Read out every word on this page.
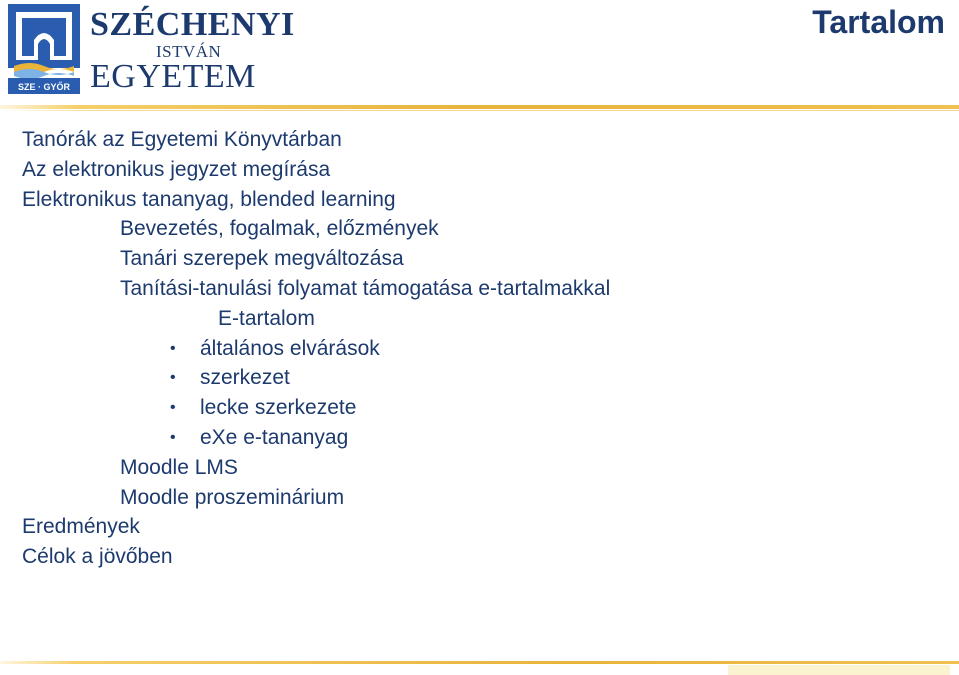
SZE · GYŐR
SZÉCHENYI
ISTVÁN
EGYETEM
Tartalom
Tanórák az Egyetemi Könyvtárban
Az elektronikus jegyzet megírása
Elektronikus tananyag, blended learning
Bevezetés, fogalmak, előzmények
Tanári szerepek megváltozása
Tanítási-tanulási folyamat támogatása e-tartalmakkal
E-tartalom
• általános elvárások
• szerkezet
• lecke szerkezete
• eXe e-tananyag
Moodle LMS
Moodle proszeminárium
Eredmények
Célok a jövőben
